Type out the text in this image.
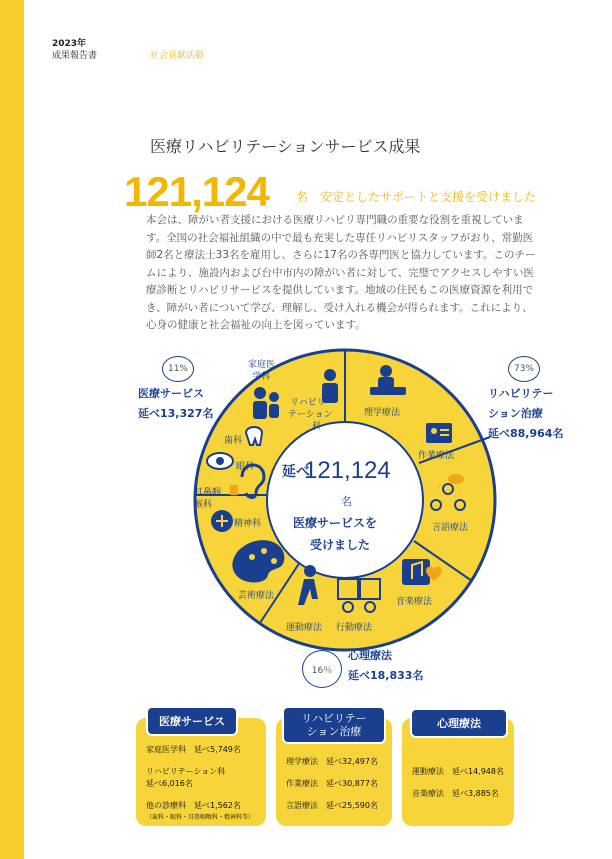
2023年
成果報告書	社会貢献活動
医療リハビリテーションサービス成果
121,124 名　安定としたサポートと支援を受けました
本会は、障がい者支援における医療リハビリ専門職の重要な役割を重視しています。全国の社会福祉組織の中で最も充実した専任リハビリスタッフがおり、常勤医師2名と療法士33名を雇用し、さらに17名の各専門医と協力しています。このチームにより、施設内および台中市内の障がい者に対して、完璧でアクセスしやすい医療診断とリハビリサービスを提供しています。地域の住民もこの医療資源を利用でき、障がい者について学び、理解し、受け入れる機会が得られます。これにより、心身の健康と社会福祉の向上を図っています。
11%
医療サービス
延べ13,327名
73%
リハビリテー
ション治療
延べ88,964名
16％
心理療法
延べ18,833名
延べ
121,124
名
医療サービスを
受けました
家庭医
学科
リハビリ
テーション
科
理学療法
作業療法
言語療法
音楽療法
行動療法
運動療法
芸術療法
精神科
耳鼻咽
喉科
眼科
歯科
医療サービス
家庭医学科　延べ5,749名
リハビリテーション科
延べ6,016名
他の診療科　延べ1,562名
（歯科・眼科・耳鼻咽喉科・精神科等）
リハビリテー
ション治療
理学療法　延べ32,497名
作業療法　延べ30,877名
言語療法　延べ25,590名
心理療法
運動療法　延べ14,948名
音楽療法　延べ3,885名
